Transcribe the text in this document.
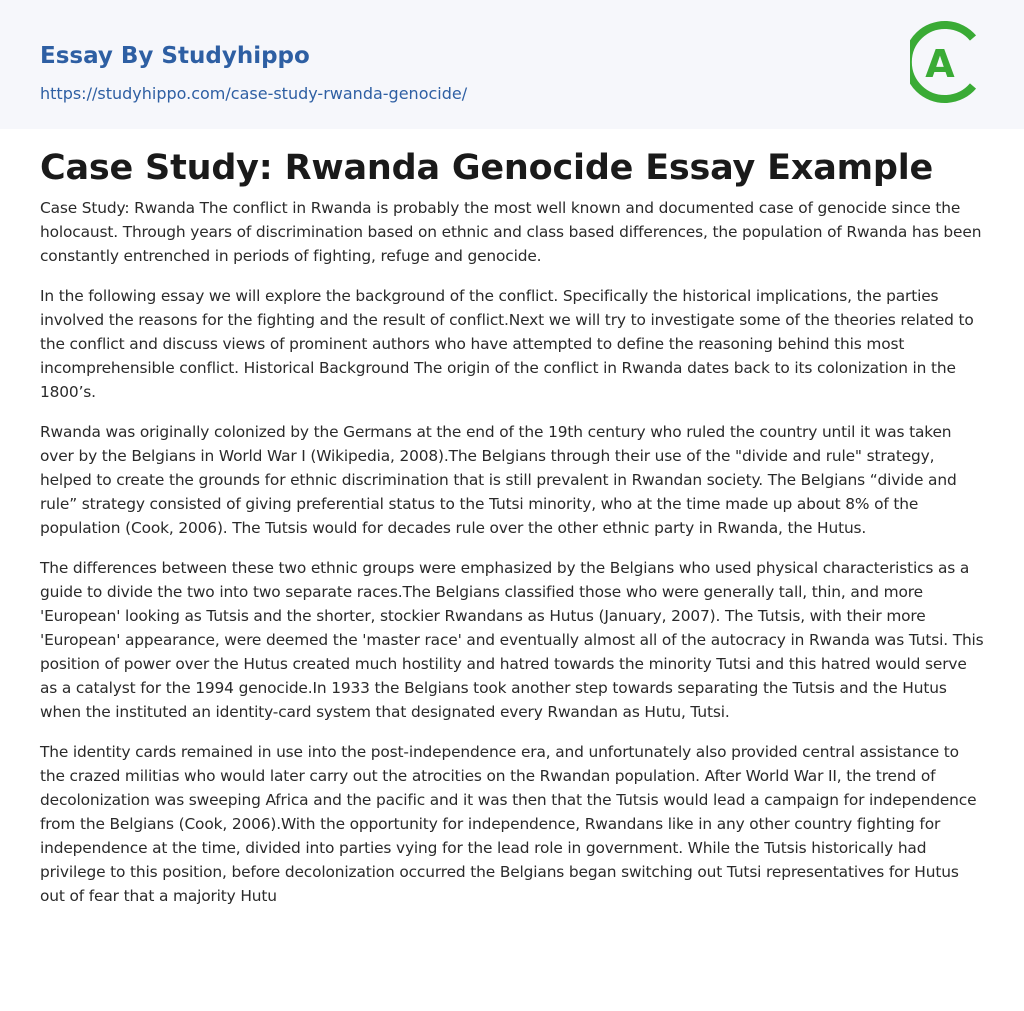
Essay By Studyhippo
https://studyhippo.com/case-study-rwanda-genocide/
A
Case Study: Rwanda Genocide Essay Example

Case Study: Rwanda The conflict in Rwanda is probably the most well known and documented case of genocide since the holocaust. Through years of discrimination based on ethnic and class based differences, the population of Rwanda has been constantly entrenched in periods of fighting, refuge and genocide.

In the following essay we will explore the background of the conflict. Specifically the historical implications, the parties involved the reasons for the fighting and the result of conflict.Next we will try to investigate some of the theories related to the conflict and discuss views of prominent authors who have attempted to define the reasoning behind this most incomprehensible conflict. Historical Background The origin of the conflict in Rwanda dates back to its colonization in the 1800’s.

Rwanda was originally colonized by the Germans at the end of the 19th century who ruled the country until it was taken over by the Belgians in World War I (Wikipedia, 2008).The Belgians through their use of the "divide and rule" strategy, helped to create the grounds for ethnic discrimination that is still prevalent in Rwandan society. The Belgians “divide and rule” strategy consisted of giving preferential status to the Tutsi minority, who at the time made up about 8% of the population (Cook, 2006). The Tutsis would for decades rule over the other ethnic party in Rwanda, the Hutus.

The differences between these two ethnic groups were emphasized by the Belgians who used physical characteristics as a guide to divide the two into two separate races.The Belgians classified those who were generally tall, thin, and more 'European' looking as Tutsis and the shorter, stockier Rwandans as Hutus (January, 2007). The Tutsis, with their more 'European' appearance, were deemed the 'master race' and eventually almost all of the autocracy in Rwanda was Tutsi. This position of power over the Hutus created much hostility and hatred towards the minority Tutsi and this hatred would serve as a catalyst for the 1994 genocide.In 1933 the Belgians took another step towards separating the Tutsis and the Hutus when the instituted an identity-card system that designated every Rwandan as Hutu, Tutsi.

The identity cards remained in use into the post-independence era, and unfortunately also provided central assistance to the crazed militias who would later carry out the atrocities on the Rwandan population. After World War II, the trend of decolonization was sweeping Africa and the pacific and it was then that the Tutsis would lead a campaign for independence from the Belgians (Cook, 2006).With the opportunity for independence, Rwandans like in any other country fighting for independence at the time, divided into parties vying for the lead role in government. While the Tutsis historically had privilege to this position, before decolonization occurred the Belgians began switching out Tutsi representatives for Hutus out of fear that a majority Hutu
